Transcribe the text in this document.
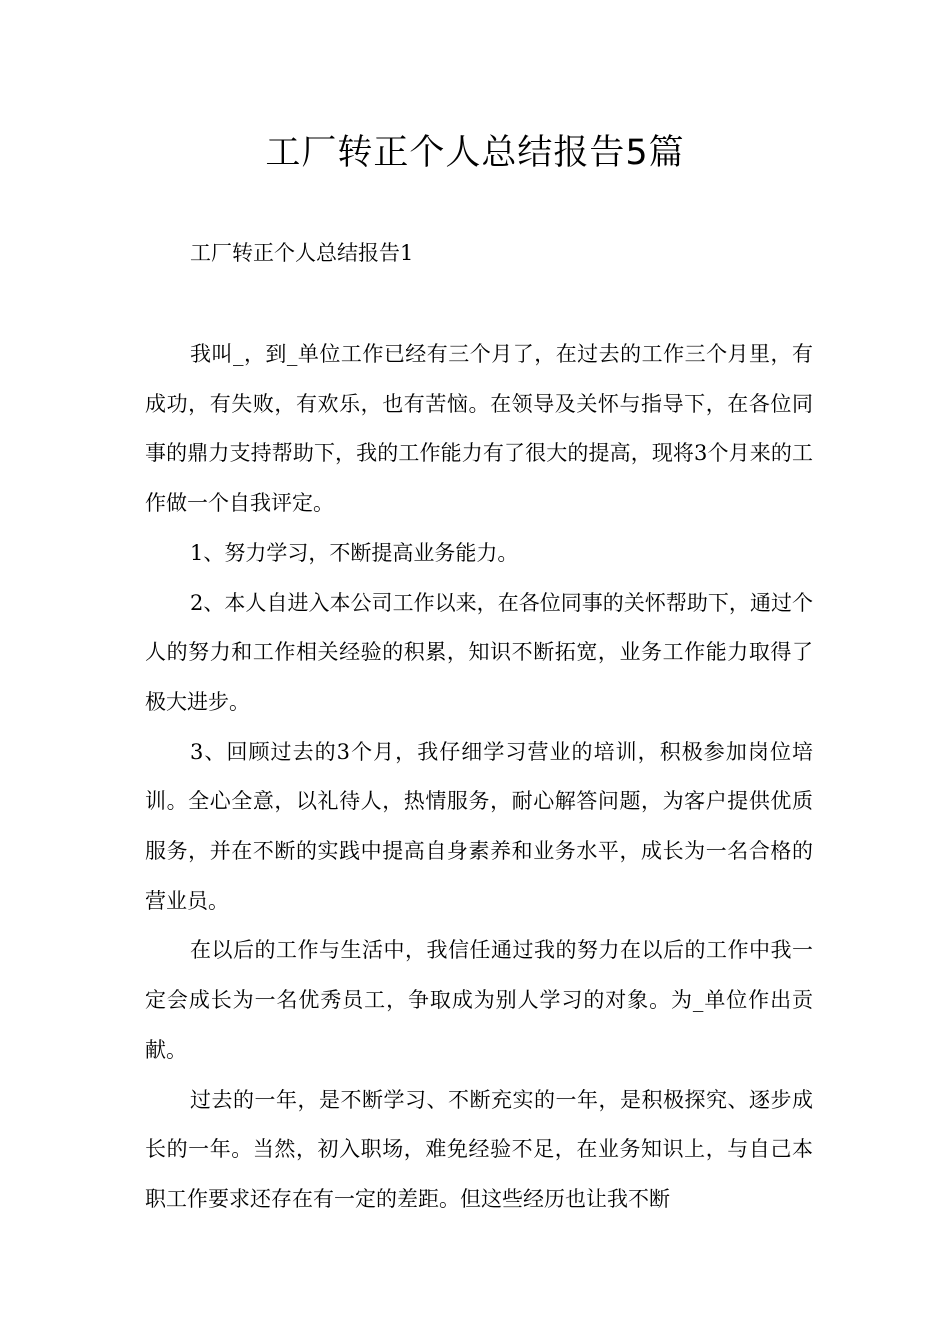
工厂转正个人总结报告5篇

工厂转正个人总结报告1

我叫_，到_单位工作已经有三个月了，在过去的工作三个月里，有成功，有失败，有欢乐，也有苦恼。在领导及关怀与指导下，在各位同事的鼎力支持帮助下，我的工作能力有了很大的提高，现将3个月来的工作做一个自我评定。

1、努力学习，不断提高业务能力。

2、本人自进入本公司工作以来，在各位同事的关怀帮助下，通过个人的努力和工作相关经验的积累，知识不断拓宽，业务工作能力取得了极大进步。

3、回顾过去的3个月，我仔细学习营业的培训，积极参加岗位培训。全心全意，以礼待人，热情服务，耐心解答问题，为客户提供优质服务，并在不断的实践中提高自身素养和业务水平，成长为一名合格的营业员。

在以后的工作与生活中，我信任通过我的努力在以后的工作中我一定会成长为一名优秀员工，争取成为别人学习的对象。为_单位作出贡献。

过去的一年，是不断学习、不断充实的一年，是积极探究、逐步成长的一年。当然，初入职场，难免经验不足，在业务知识上，与自己本职工作要求还存在有一定的差距。但这些经历也让我不断
